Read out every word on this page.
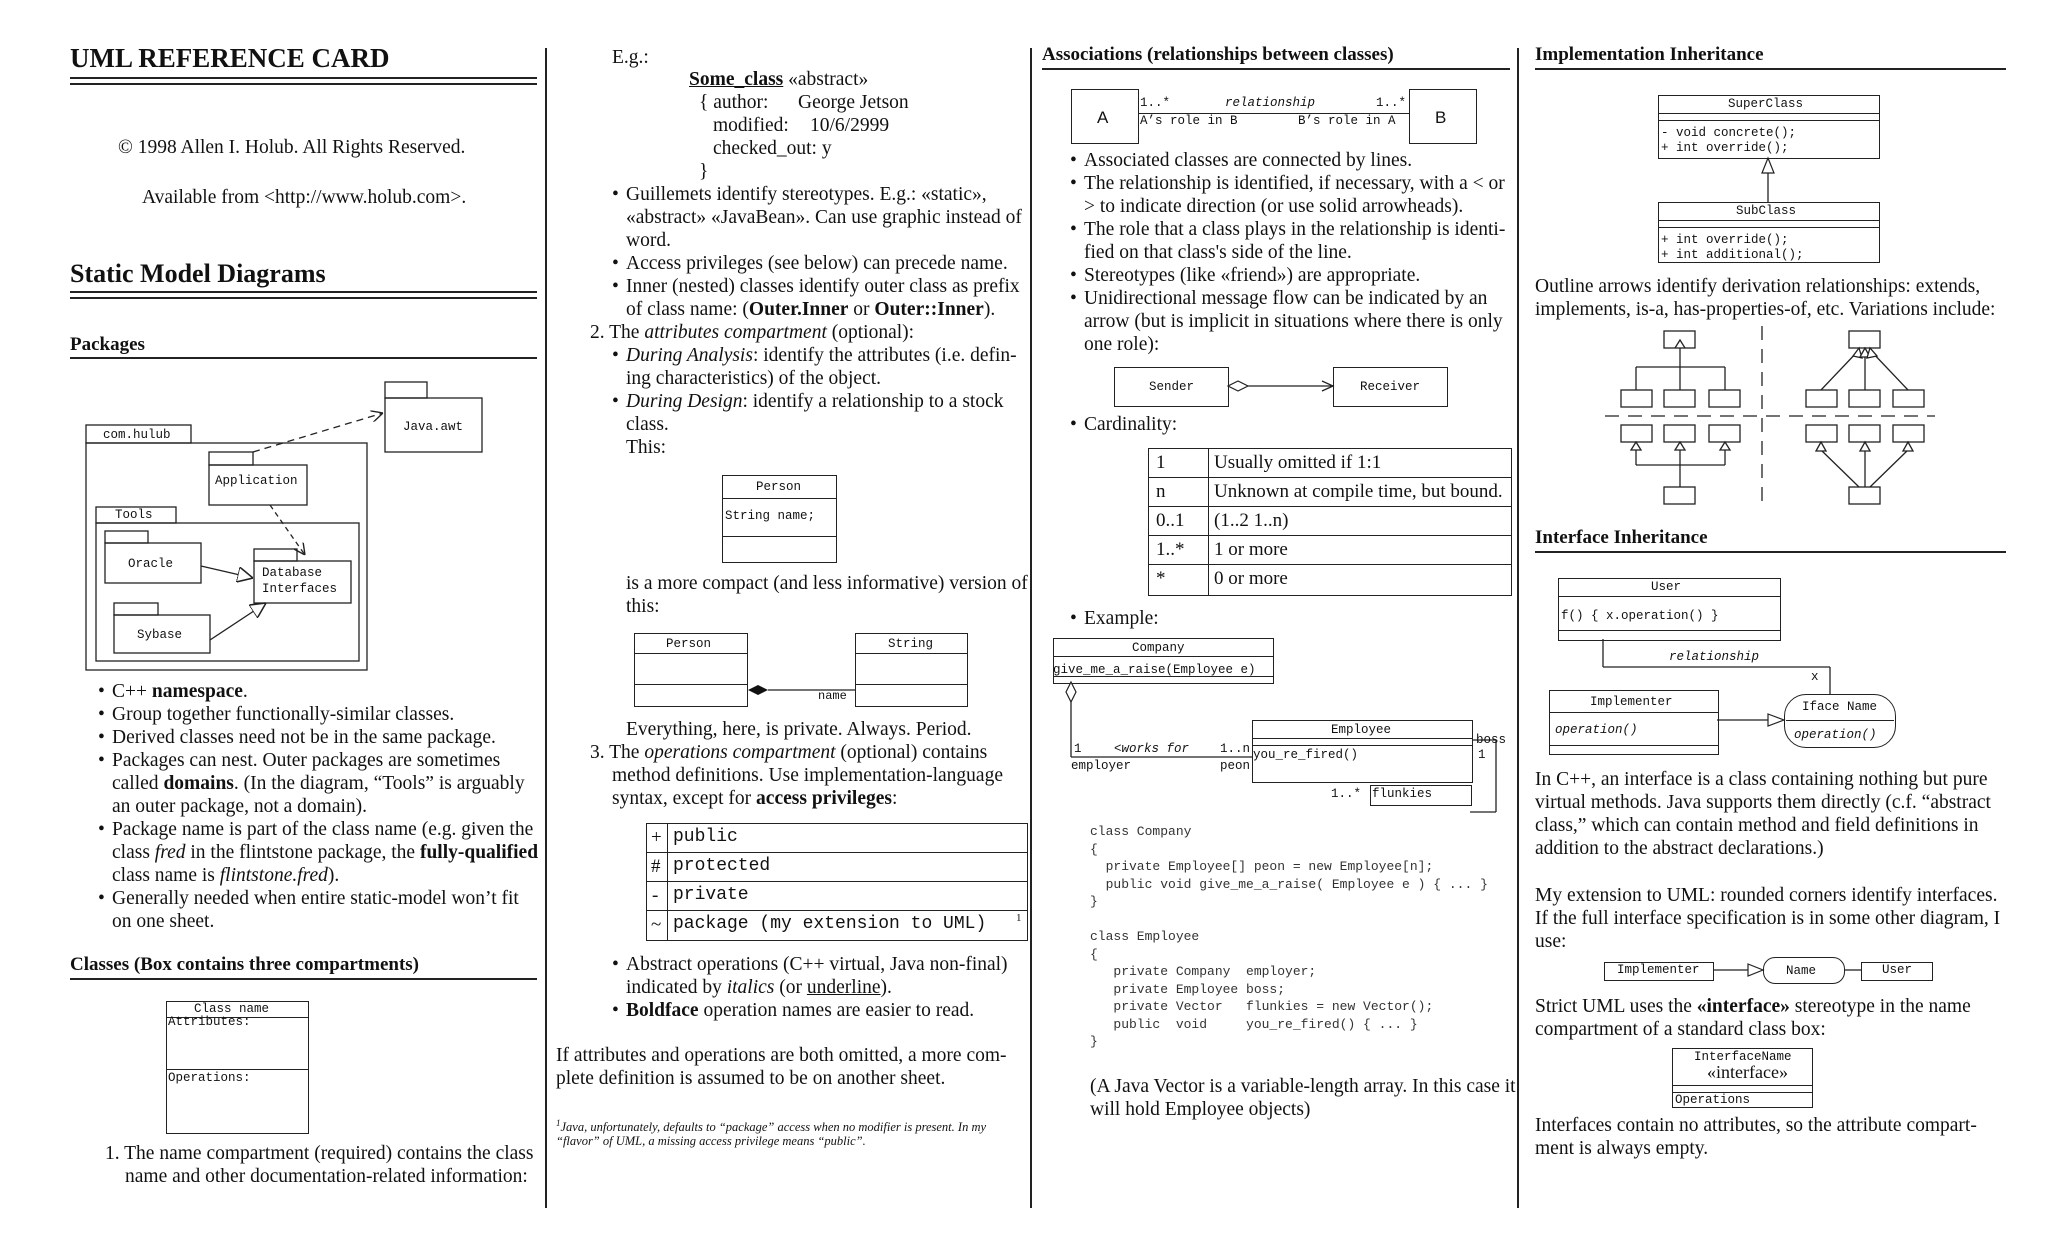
UML REFERENCE CARD
© 1998 Allen I. Holub. All Rights Reserved.
Available from <http://www.holub.com>.
Static Model Diagrams
Packages
com.hulub
Java.awt
Application
Tools
Oracle
Database
Interfaces
Sybase
• C++ namespace.
• Group together functionally-similar classes.
• Derived classes need not be in the same package.
• Packages can nest. Outer packages are sometimes
called domains. (In the diagram, “Tools” is arguably
an outer package, not a domain).
• Package name is part of the class name (e.g. given the
class fred in the flintstone package, the fully-qualified
class name is flintstone.fred).
• Generally needed when entire static-model won’t fit
on one sheet.
Classes (Box contains three compartments)
Class name
Attributes:
Operations:
1. The name compartment (required) contains the class
name and other documentation-related information:
E.g.:
Some_class «abstract»
{ author: George Jetson
modified: 10/6/2999
checked_out: y
}
• Guillemets identify stereotypes. E.g.: «static»,
«abstract» «JavaBean». Can use graphic instead of
word.
• Access privileges (see below) can precede name.
• Inner (nested) classes identify outer class as prefix
of class name: (Outer.Inner or Outer::Inner).
2. The attributes compartment (optional):
• During Analysis: identify the attributes (i.e. defin-
ing characteristics) of the object.
• During Design: identify a relationship to a stock
class.
This:
Person
String name;
is a more compact (and less informative) version of
this:
Person	String
name
Everything, here, is private. Always. Period.
3. The operations compartment (optional) contains
method definitions. Use implementation-language
syntax, except for access privileges:
+ public
# protected
- private
~ package (my extension to UML)	1
• Abstract operations (C++ virtual, Java non-final)
indicated by italics (or underline).
• Boldface operation names are easier to read.
If attributes and operations are both omitted, a more com-
plete definition is assumed to be on another sheet.
$^1$Java, unfortunately, defaults to “package” access when no modifier is present. In my
“flavor” of UML, a missing access privilege means “public”.
Associations (relationships between classes)
A	B
1..*	relationship	1..*
A’s role in B	B’s role in A
• Associated classes are connected by lines.
• The relationship is identified, if necessary, with a < or
> to indicate direction (or use solid arrowheads).
• The role that a class plays in the relationship is identi-
fied on that class's side of the line.
• Stereotypes (like «friend») are appropriate.
• Unidirectional message flow can be indicated by an
arrow (but is implicit in situations where there is only
one role):
Sender	Receiver
• Cardinality:
1	Usually omitted if 1:1
n	Unknown at compile time, but bound.
0..1 (1..2 1..n)
1..* 1 or more
*	0 or more
• Example:
Company
give_me_a_raise(Employee e)
Employee
you_re_fired()
1	<works for 1..n
employer	peon
boss
1
1..* flunkies
class Company
{
private Employee[] peon = new Employee[n];
public void give_me_a_raise( Employee e ) { ... }
}
class Employee
{
private Company  employer;
private Employee boss;
private Vector   flunkies = new Vector();
public  void     you_re_fired() { ... }
}
(A Java Vector is a variable-length array. In this case it
will hold Employee objects)
Implementation Inheritance
SuperClass
- void concrete();
+ int override();
SubClass
+ int override();
+ int additional();
Outline arrows identify derivation relationships: extends,
implements, is-a, has-properties-of, etc. Variations include:
Interface Inheritance
User
f() { x.operation() }
Implementer
operation()
Iface Name
operation()
relationship
x
In C++, an interface is a class containing nothing but pure
virtual methods. Java supports them directly (c.f. “abstract
class,” which can contain method and field definitions in
addition to the abstract declarations.)
My extension to UML: rounded corners identify interfaces.
If the full interface specification is in some other diagram, I
use:
Implementer	Name	User
Strict UML uses the «interface» stereotype in the name
compartment of a standard class box:
InterfaceName
«interface»
Operations
Interfaces contain no attributes, so the attribute compart-
ment is always empty.
